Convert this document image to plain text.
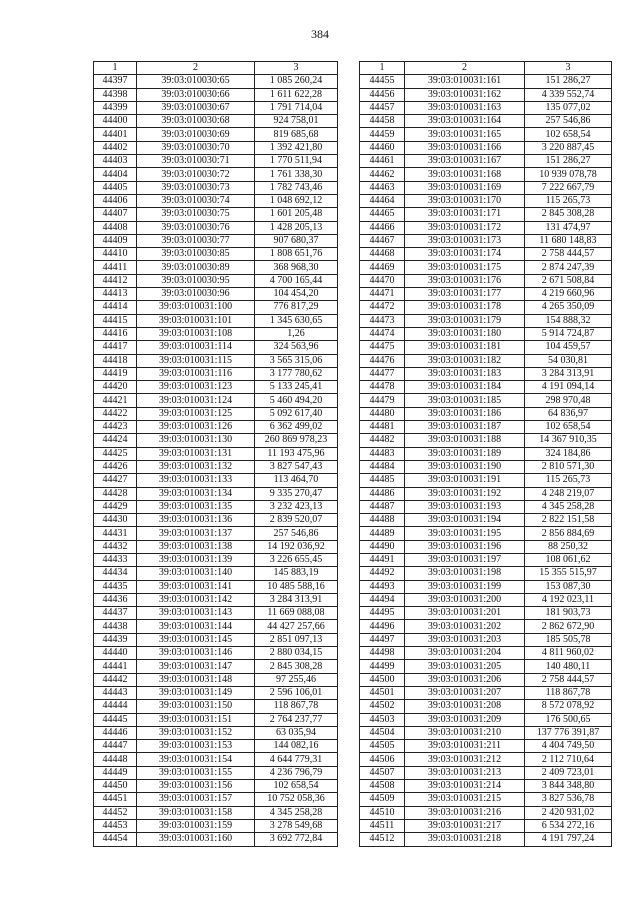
384
1	2	3
44397	39:03:010030:65	1 085 260,24
44398	39:03:010030:66	1 611 622,28
44399	39:03:010030:67	1 791 714,04
44400	39:03:010030:68	924 758,01
44401	39:03:010030:69	819 685,68
44402	39:03:010030:70	1 392 421,80
44403	39:03:010030:71	1 770 511,94
44404	39:03:010030:72	1 761 338,30
44405	39:03:010030:73	1 782 743,46
44406	39:03:010030:74	1 048 692,12
44407	39:03:010030:75	1 601 205,48
44408	39:03:010030:76	1 428 205,13
44409	39:03:010030:77	907 680,37
44410	39:03:010030:85	1 808 651,76
44411	39:03:010030:89	368 968,30
44412	39:03:010030:95	4 700 165,44
44413	39:03:010030:96	104 454,20
44414	39:03:010031:100	776 817,29
44415	39:03:010031:101	1 345 630,65
44416	39:03:010031:108	1,26
44417	39:03:010031:114	324 563,96
44418	39:03:010031:115	3 565 315,06
44419	39:03:010031:116	3 177 780,62
44420	39:03:010031:123	5 133 245,41
44421	39:03:010031:124	5 460 494,20
44422	39:03:010031:125	5 092 617,40
44423	39:03:010031:126	6 362 499,02
44424	39:03:010031:130	260 869 978,23
44425	39:03:010031:131	11 193 475,96
44426	39:03:010031:132	3 827 547,43
44427	39:03:010031:133	113 464,70
44428	39:03:010031:134	9 335 270,47
44429	39:03:010031:135	3 232 423,13
44430	39:03:010031:136	2 839 520,07
44431	39:03:010031:137	257 546,86
44432	39:03:010031:138	14 192 036,92
44433	39:03:010031:139	3 226 655,45
44434	39:03:010031:140	145 883,19
44435	39:03:010031:141	10 485 588,16
44436	39:03:010031:142	3 284 313,91
44437	39:03:010031:143	11 669 088,08
44438	39:03:010031:144	44 427 257,66
44439	39:03:010031:145	2 851 097,13
44440	39:03:010031:146	2 880 034,15
44441	39:03:010031:147	2 845 308,28
44442	39:03:010031:148	97 255,46
44443	39:03:010031:149	2 596 106,01
44444	39:03:010031:150	118 867,78
44445	39:03:010031:151	2 764 237,77
44446	39:03:010031:152	63 035,94
44447	39:03:010031:153	144 082,16
44448	39:03:010031:154	4 644 779,31
44449	39:03:010031:155	4 236 796,79
44450	39:03:010031:156	102 658,54
44451	39:03:010031:157	10 752 058,36
44452	39:03:010031:158	4 345 258,28
44453	39:03:010031:159	3 278 549,68
44454	39:03:010031:160	3 692 772,84
1	2	3
44455	39:03:010031:161	151 286,27
44456	39:03:010031:162	4 339 552,74
44457	39:03:010031:163	135 077,02
44458	39:03:010031:164	257 546,86
44459	39:03:010031:165	102 658,54
44460	39:03:010031:166	3 220 887,45
44461	39:03:010031:167	151 286,27
44462	39:03:010031:168	10 939 078,78
44463	39:03:010031:169	7 222 667,79
44464	39:03:010031:170	115 265,73
44465	39:03:010031:171	2 845 308,28
44466	39:03:010031:172	131 474,97
44467	39:03:010031:173	11 680 148,83
44468	39:03:010031:174	2 758 444,57
44469	39:03:010031:175	2 874 247,39
44470	39:03:010031:176	2 671 508,84
44471	39:03:010031:177	4 219 660,96
44472	39:03:010031:178	4 265 350,09
44473	39:03:010031:179	154 888,32
44474	39:03:010031:180	5 914 724,87
44475	39:03:010031:181	104 459,57
44476	39:03:010031:182	54 030,81
44477	39:03:010031:183	3 284 313,91
44478	39:03:010031:184	4 191 094,14
44479	39:03:010031:185	298 970,48
44480	39:03:010031:186	64 836,97
44481	39:03:010031:187	102 658,54
44482	39:03:010031:188	14 367 910,35
44483	39:03:010031:189	324 184,86
44484	39:03:010031:190	2 810 571,30
44485	39:03:010031:191	115 265,73
44486	39:03:010031:192	4 248 219,07
44487	39:03:010031:193	4 345 258,28
44488	39:03:010031:194	2 822 151,58
44489	39:03:010031:195	2 856 884,69
44490	39:03:010031:196	88 250,32
44491	39:03:010031:197	108 061,62
44492	39:03:010031:198	15 355 515,97
44493	39:03:010031:199	153 087,30
44494	39:03:010031:200	4 192 023,11
44495	39:03:010031:201	181 903,73
44496	39:03:010031:202	2 862 672,90
44497	39:03:010031:203	185 505,78
44498	39:03:010031:204	4 811 960,02
44499	39:03:010031:205	140 480,11
44500	39:03:010031:206	2 758 444,57
44501	39:03:010031:207	118 867,78
44502	39:03:010031:208	8 572 078,92
44503	39:03:010031:209	176 500,65
44504	39:03:010031:210	137 776 391,87
44505	39:03:010031:211	4 404 749,50
44506	39:03:010031:212	2 112 710,64
44507	39:03:010031:213	2 409 723,01
44508	39:03:010031:214	3 844 348,80
44509	39:03:010031:215	3 827 536,78
44510	39:03:010031:216	2 420 931,02
44511	39:03:010031:217	6 534 272,16
44512	39:03:010031:218	4 191 797,24
